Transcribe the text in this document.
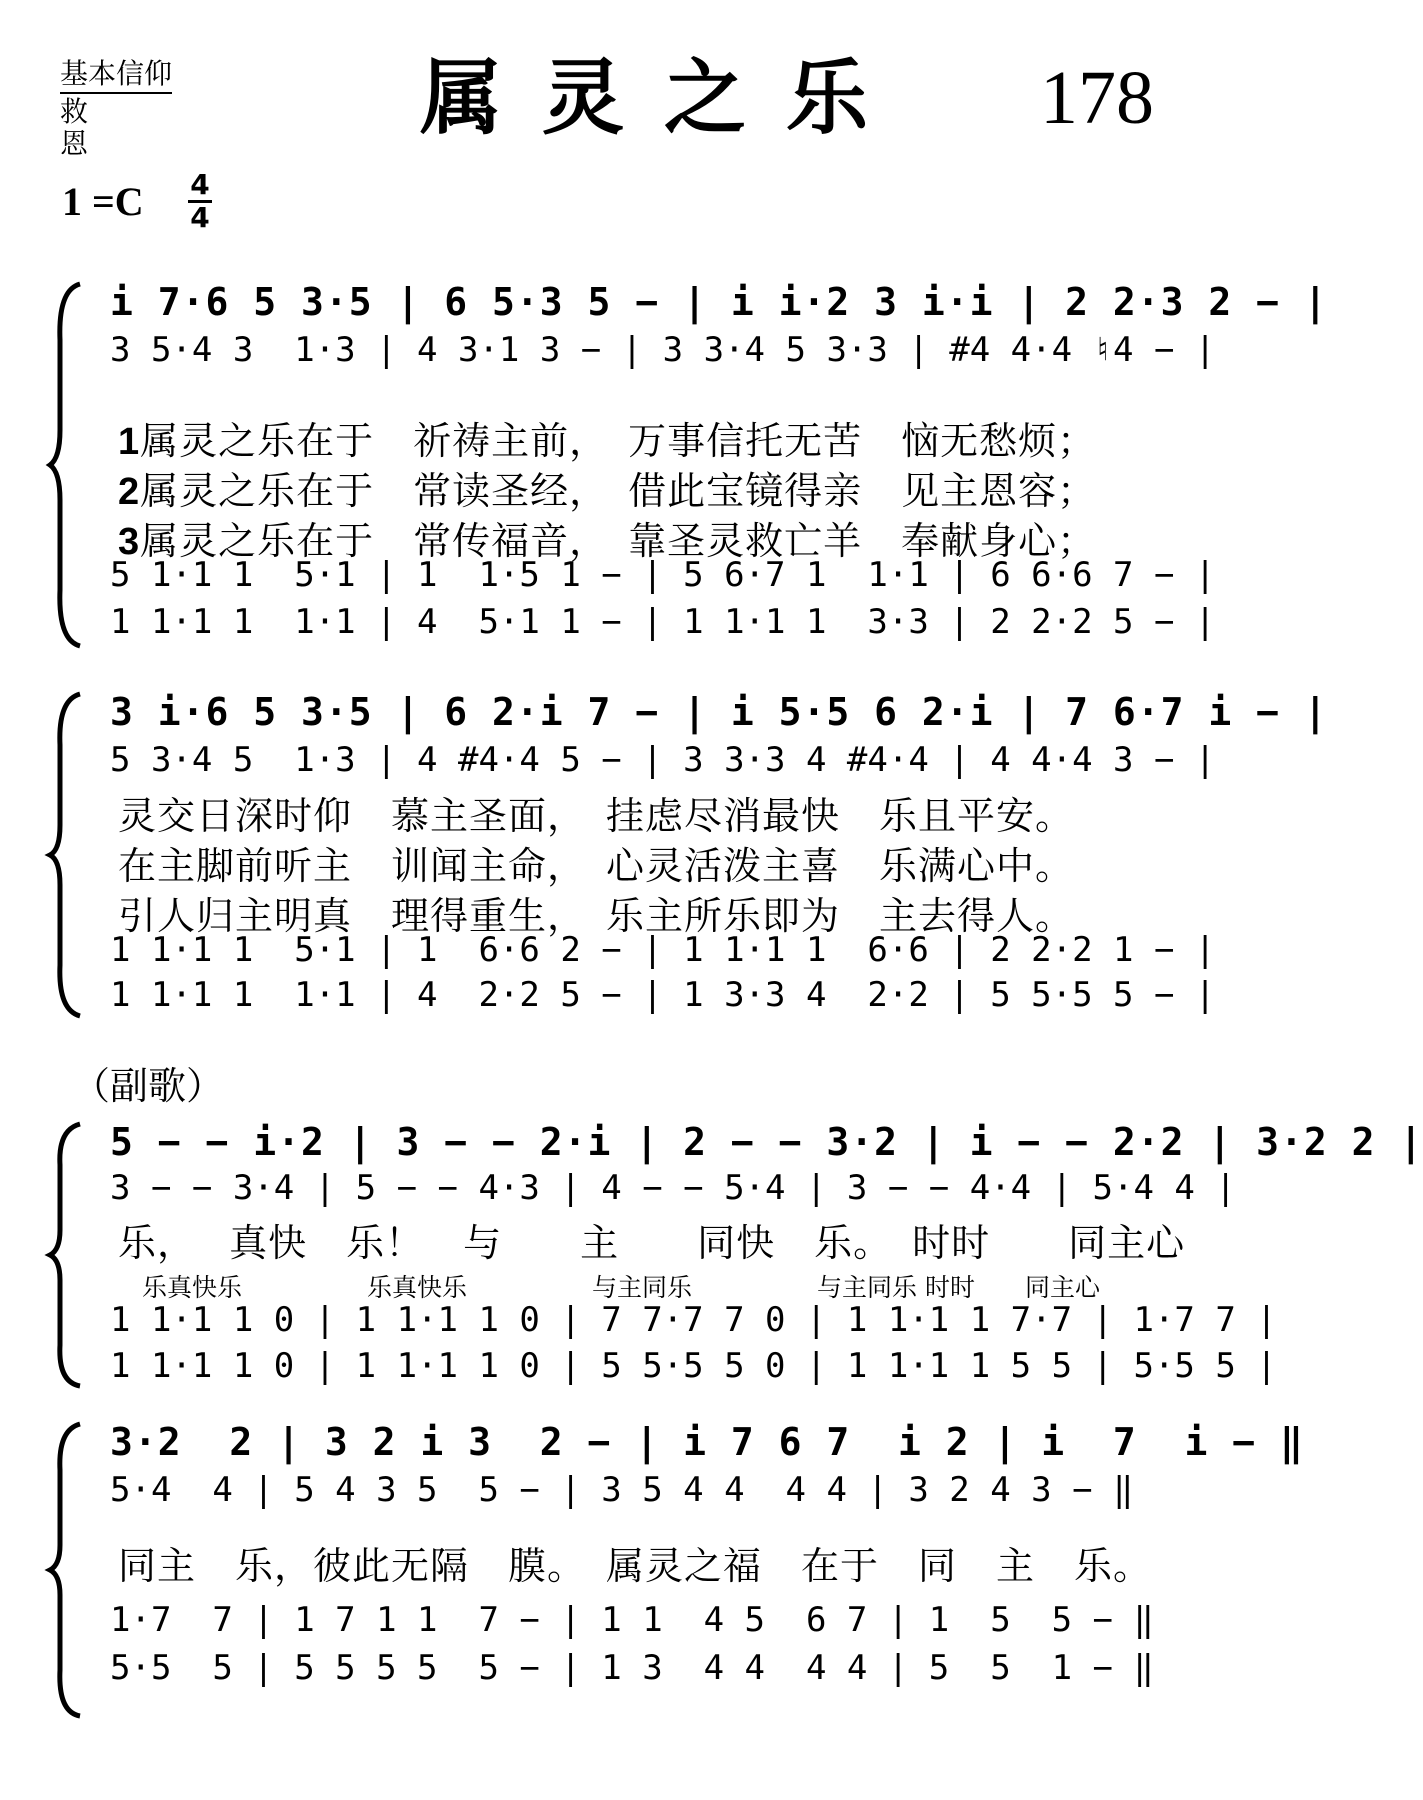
基本信仰
救恩	属灵之乐 178
1 =C 4
4
i 7·6 5 3·5 | 6 5·3 5 − | i i·2 3 i·i | 2 2·3 2 − |
3 5·4 3  1·3 | 4 3·1 3 − | 3 3·4 5 3·3 | #4 4·4 ♮4 − |
1属灵之乐在于　祈祷主前，　万事信托无苦　恼无愁烦；
2属灵之乐在于　常读圣经，　借此宝镜得亲　见主恩容；
3属灵之乐在于　常传福音，　靠圣灵救亡羊　奉献身心；
5 1·1 1  5·1 | 1  1·5 1 − | 5 6·7 1  1·1 | 6 6·6 7 − |
1 1·1 1  1·1 | 4  5·1 1 − | 1 1·1 1  3·3 | 2 2·2 5 − |
3 i·6 5 3·5 | 6 2·i 7 − | i 5·5 6 2·i | 7 6·7 i − |
5 3·4 5  1·3 | 4 #4·4 5 − | 3 3·3 4 #4·4 | 4 4·4 3 − |
灵交日深时仰　慕主圣面，　挂虑尽消最快　乐且平安。
在主脚前听主　训闻主命，　心灵活泼主喜　乐满心中。
引人归主明真　理得重生，　乐主所乐即为　主去得人。
1 1·1 1  5·1 | 1  6·6 2 − | 1 1·1 1  6·6 | 2 2·2 1 − |
1 1·1 1  1·1 | 4  2·2 5 − | 1 3·3 4  2·2 | 5 5·5 5 − |
（副歌）
5 − − i·2 | 3 − − 2·i | 2 − − 3·2 | i − − 2·2 | 3·2 2 |
3 − − 3·4 | 5 − − 4·3 | 4 − − 5·4 | 3 − − 4·4 | 5·4 4 |
乐，　 真快　乐！　与　　主　　同快　乐。　时时　　同主心
乐真快乐　　　　　乐真快乐　　　　　与主同乐　　　　　与主同乐 时时　　同主心
1 1·1 1 0 | 1 1·1 1 0 | 7 7·7 7 0 | 1 1·1 1 7·7 | 1·7 7 |
1 1·1 1 0 | 1 1·1 1 0 | 5 5·5 5 0 | 1 1·1 1 5 5 | 5·5 5 |
3·2  2 | 3 2 i 3  2 − | i 7 6 7  i 2 | i  7  i − ‖
5·4  4 | 5 4 3 5  5 − | 3 5 4 4  4 4 | 3 2 4 3 − ‖
同主　乐，彼此无隔　膜。　属灵之福　在于　同　主　乐。
1·7  7 | 1 7 1 1  7 − | 1 1  4 5  6 7 | 1  5  5 − ‖
5·5  5 | 5 5 5 5  5 − | 1 3  4 4  4 4 | 5  5  1 − ‖
